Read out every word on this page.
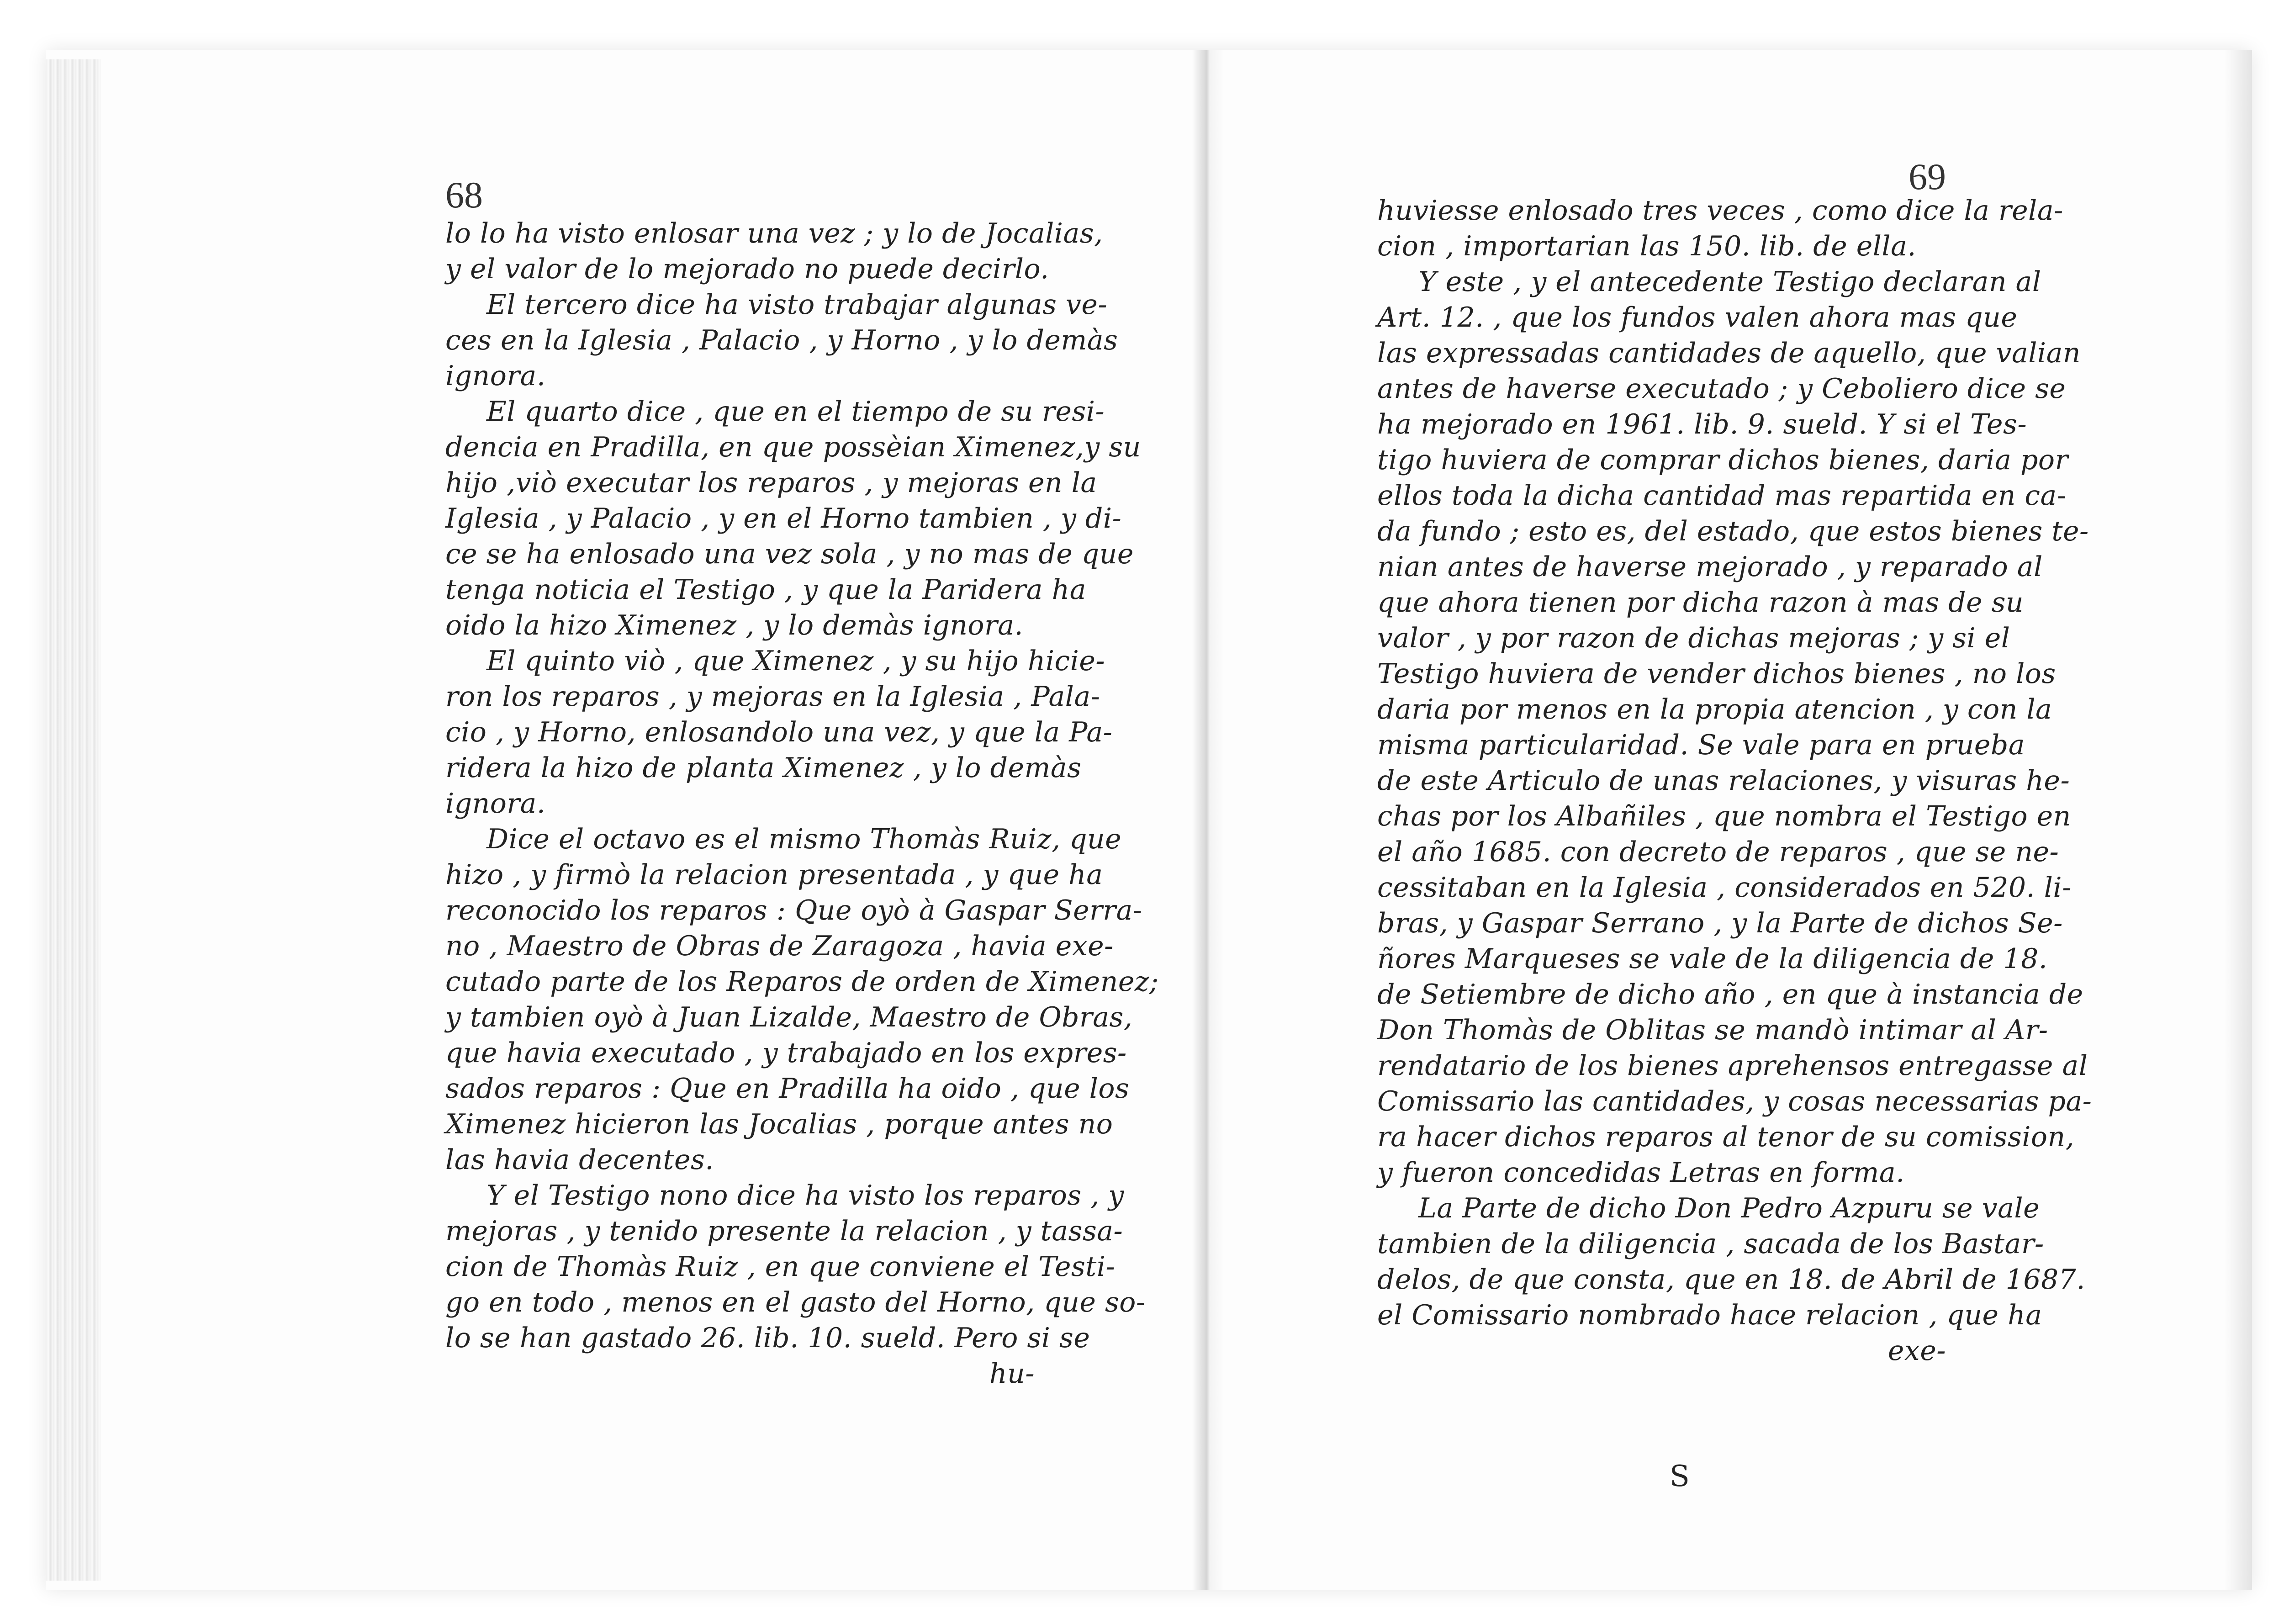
68
lo lo ha visto enlosar una vez ; y lo de Jocalias,
y el valor de lo mejorado no puede decirlo.
El tercero dice ha visto trabajar algunas ve-
ces en la Iglesia , Palacio , y Horno , y lo demàs
ignora.
El quarto dice , que en el tiempo de su resi-
dencia en Pradilla, en que possèian Ximenez,y su
hijo ,viò executar los reparos , y mejoras en la
Iglesia , y Palacio , y en el Horno tambien , y di-
ce se ha enlosado una vez sola , y no mas de que
tenga noticia el Testigo , y que la Paridera ha
oido la hizo Ximenez , y lo demàs ignora.
El quinto viò , que Ximenez , y su hijo hicie-
ron los reparos , y mejoras en la Iglesia , Pala-
cio , y Horno, enlosandolo una vez, y que la Pa-
ridera la hizo de planta Ximenez , y lo demàs
ignora.
Dice el octavo es el mismo Thomàs Ruiz, que
hizo , y firmò la relacion presentada , y que ha
reconocido los reparos : Que oyò à Gaspar Serra-
no , Maestro de Obras de Zaragoza , havia exe-
cutado parte de los Reparos de orden de Ximenez;
y tambien oyò à Juan Lizalde, Maestro de Obras,
que havia executado , y trabajado en los expres-
sados reparos : Que en Pradilla ha oido , que los
Ximenez hicieron las Jocalias , porque antes no
las havia decentes.
Y el Testigo nono dice ha visto los reparos , y
mejoras , y tenido presente la relacion , y tassa-
cion de Thomàs Ruiz , en que conviene el Testi-
go en todo , menos en el gasto del Horno, que so-
lo se han gastado 26. lib. 10. sueld. Pero si se
hu-
69
huviesse enlosado tres veces , como dice la rela-
cion , importarian las 150. lib. de ella.
Y este , y el antecedente Testigo declaran al
Art. 12. , que los fundos valen ahora mas que
las expressadas cantidades de aquello, que valian
antes de haverse executado ; y Ceboliero dice se
ha mejorado en 1961. lib. 9. sueld. Y si el Tes-
tigo huviera de comprar dichos bienes, daria por
ellos toda la dicha cantidad mas repartida en ca-
da fundo ; esto es, del estado, que estos bienes te-
nian antes de haverse mejorado , y reparado al
que ahora tienen por dicha razon à mas de su
valor , y por razon de dichas mejoras ; y si el
Testigo huviera de vender dichos bienes , no los
daria por menos en la propia atencion , y con la
misma particularidad. Se vale para en prueba
de este Articulo de unas relaciones, y visuras he-
chas por los Albañiles , que nombra el Testigo en
el año 1685. con decreto de reparos , que se ne-
cessitaban en la Iglesia , considerados en 520. li-
bras, y Gaspar Serrano , y la Parte de dichos Se-
ñores Marqueses se vale de la diligencia de 18.
de Setiembre de dicho año , en que à instancia de
Don Thomàs de Oblitas se mandò intimar al Ar-
rendatario de los bienes aprehensos entregasse al
Comissario las cantidades, y cosas necessarias pa-
ra hacer dichos reparos al tenor de su comission,
y fueron concedidas Letras en forma.
La Parte de dicho Don Pedro Azpuru se vale
tambien de la diligencia , sacada de los Bastar-
delos, de que consta, que en 18. de Abril de 1687.
el Comissario nombrado hace relacion , que ha
exe-
S
